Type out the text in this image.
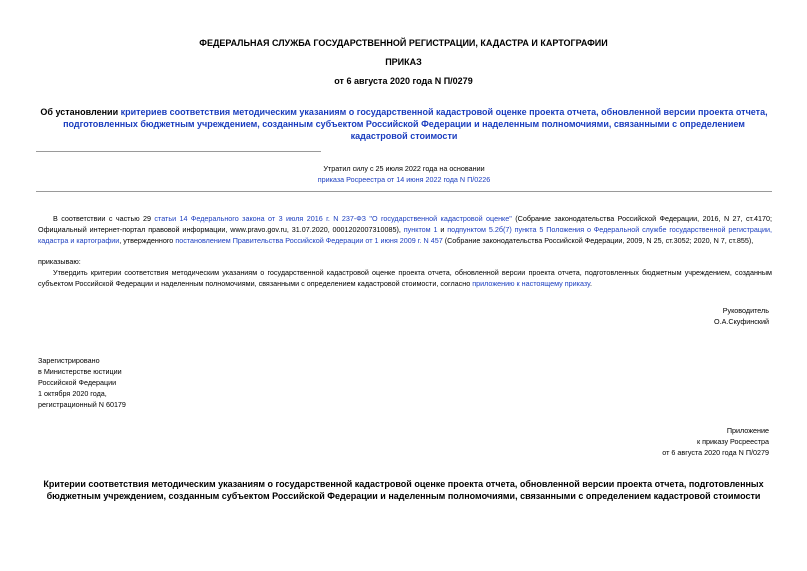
ФЕДЕРАЛЬНАЯ СЛУЖБА ГОСУДАРСТВЕННОЙ РЕГИСТРАЦИИ, КАДАСТРА И КАРТОГРАФИИ
ПРИКАЗ
от 6 августа 2020 года N П/0279
Об установлении критериев соответствия методическим указаниям о государственной кадастровой оценке проекта отчета, обновленной версии проекта отчета, подготовленных бюджетным учреждением, созданным субъектом Российской Федерации и наделенным полномочиями, связанными с определением кадастровой стоимости
Утратил силу с 25 июля 2022 года на основании
приказа Росреестра от 14 июня 2022 года N П/0226
В соответствии с частью 29 статьи 14 Федерального закона от 3 июля 2016 г. N 237-ФЗ "О государственной кадастровой оценке" (Собрание законодательства Российской Федерации, 2016, N 27, ст.4170; Официальный интернет-портал правовой информации, www.pravo.gov.ru, 31.07.2020, 0001202007310085), пунктом 1 и подпунктом 5.2б(7) пункта 5 Положения о Федеральной службе государственной регистрации, кадастра и картографии, утвержденного постановлением Правительства Российской Федерации от 1 июня 2009 г. N 457 (Собрание законодательства Российской Федерации, 2009, N 25, ст.3052; 2020, N 7, ст.855),
приказываю:
Утвердить критерии соответствия методическим указаниям о государственной кадастровой оценке проекта отчета, обновленной версии проекта отчета, подготовленных бюджетным учреждением, созданным субъектом Российской Федерации и наделенным полномочиями, связанными с определением кадастровой стоимости, согласно приложению к настоящему приказу.
Руководитель
О.А.Скуфинский
Зарегистрировано
в Министерстве юстиции
Российской Федерации
1 октября 2020 года,
регистрационный N 60179
Приложение
к приказу Росреестра
от 6 августа 2020 года N П/0279
Критерии соответствия методическим указаниям о государственной кадастровой оценке проекта отчета, обновленной версии проекта отчета, подготовленных бюджетным учреждением, созданным субъектом Российской Федерации и наделенным полномочиями, связанными с определением кадастровой стоимости
